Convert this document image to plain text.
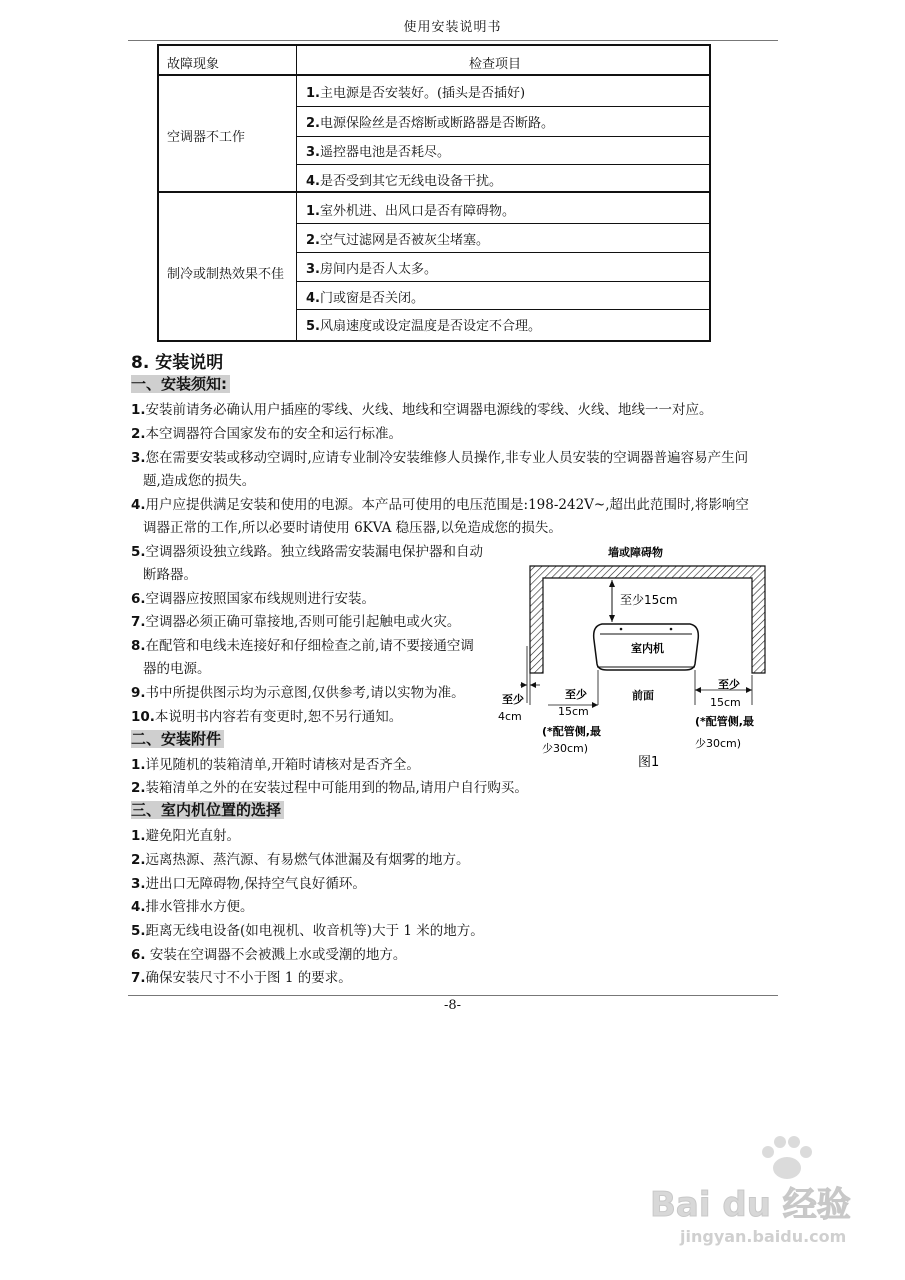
使用安装说明书
故障现象	检查项目
空调器不工作
1.主电源是否安装好。(插头是否插好)
2.电源保险丝是否熔断或断路器是否断路。
3.遥控器电池是否耗尽。
4.是否受到其它无线电设备干扰。
制冷或制热效果不佳
1.室外机进、出风口是否有障碍物。
2.空气过滤网是否被灰尘堵塞。
3.房间内是否人太多。
4.门或窗是否关闭。
5.风扇速度或设定温度是否设定不合理。
8. 安装说明
一、安装须知:
1.安装前请务必确认用户插座的零线、火线、地线和空调器电源线的零线、火线、地线一一对应。
2.本空调器符合国家发布的安全和运行标准。
3.您在需要安装或移动空调时,应请专业制冷安装维修人员操作,非专业人员安装的空调器普遍容易产生问
题,造成您的损失。
4.用户应提供满足安装和使用的电源。本产品可使用的电压范围是:198-242V~,超出此范围时,将影响空
调器正常的工作,所以必要时请使用 6KVA 稳压器,以免造成您的损失。
5.空调器须设独立线路。独立线路需安装漏电保护器和自动
断路器。
6.空调器应按照国家布线规则进行安装。
7.空调器必须正确可靠接地,否则可能引起触电或火灾。
8.在配管和电线未连接好和仔细检查之前,请不要接通空调
器的电源。
9.书中所提供图示均为示意图,仅供参考,请以实物为准。
10.本说明书内容若有变更时,恕不另行通知。
二、安装附件
1.详见随机的装箱清单,开箱时请核对是否齐全。
2.装箱清单之外的在安装过程中可能用到的物品,请用户自行购买。
三、室内机位置的选择
1.避免阳光直射。
2.远离热源、蒸汽源、有易燃气体泄漏及有烟雾的地方。
3.进出口无障碍物,保持空气良好循环。
4.排水管排水方便。
5.距离无线电设备(如电视机、收音机等)大于 1 米的地方。
6. 安装在空调器不会被溅上水或受潮的地方。
7.确保安装尺寸不小于图 1 的要求。
墙或障碍物
至少15cm
室内机
前面
至少
4cm
至少
15cm
至少
15cm
(*配管侧,最
少30cm)
(*配管侧,最
少30cm)
图1
-8-
Bai du 经验
jingyan.baidu.com
